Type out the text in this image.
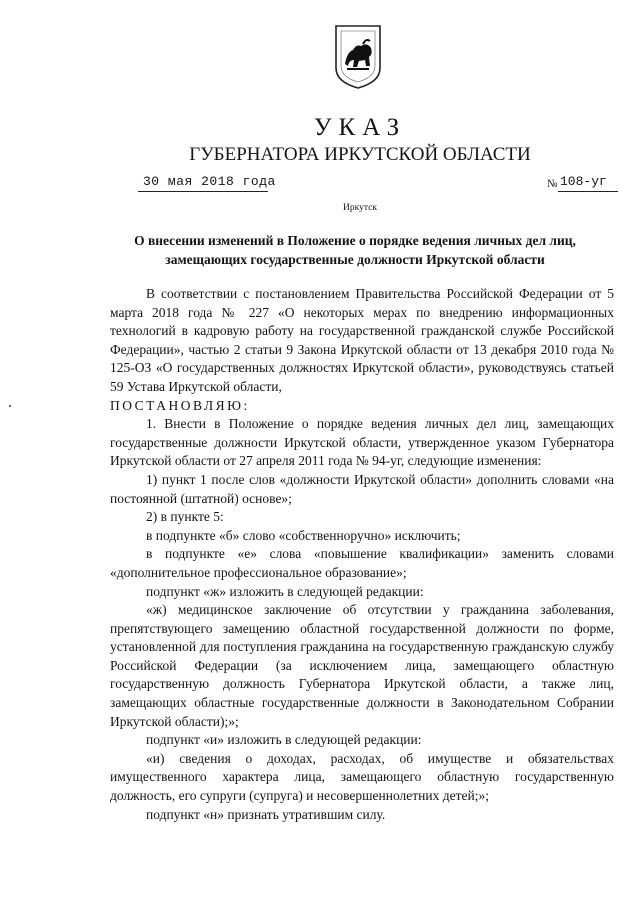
УКАЗ
ГУБЕРНАТОРА ИРКУТСКОЙ ОБЛАСТИ
30 мая 2018 года	№ 108-уг
Иркутск
О внесении изменений в Положение о порядке ведения личных дел лиц,
замещающих государственные должности Иркутской области

В соответствии с постановлением Правительства Российской Федерации от 5 марта 2018 года № 227 «О некоторых мерах по внедрению информационных технологий в кадровую работу на государственной гражданской службе Российской Федерации», частью 2 статьи 9 Закона Иркутской области от 13 декабря 2010 года № 125-ОЗ «О государственных должностях Иркутской области», руководствуясь статьей 59 Устава Иркутской области,

ПОСТАНОВЛЯЮ:

1. Внести в Положение о порядке ведения личных дел лиц, замещающих государственные должности Иркутской области, утвержденное указом Губернатора Иркутской области от 27 апреля 2011 года № 94-уг, следующие изменения:

1) пункт 1 после слов «должности Иркутской области» дополнить словами «на постоянной (штатной) основе»;

2) в пункте 5:

в подпункте «б» слово «собственноручно» исключить;

в подпункте «е» слова «повышение квалификации» заменить словами «дополнительное профессиональное образование»;

подпункт «ж» изложить в следующей редакции:

«ж) медицинское заключение об отсутствии у гражданина заболевания, препятствующего замещению областной государственной должности по форме, установленной для поступления гражданина на государственную гражданскую службу Российской Федерации (за исключением лица, замещающего областную государственную должность Губернатора Иркутской области, а также лиц, замещающих областные государственные должности в Законодательном Собрании Иркутской области);»;

подпункт «и» изложить в следующей редакции:

«и) сведения о доходах, расходах, об имуществе и обязательствах имущественного характера лица, замещающего областную государственную должность, его супруги (супруга) и несовершеннолетних детей;»;

подпункт «н» признать утратившим силу.
